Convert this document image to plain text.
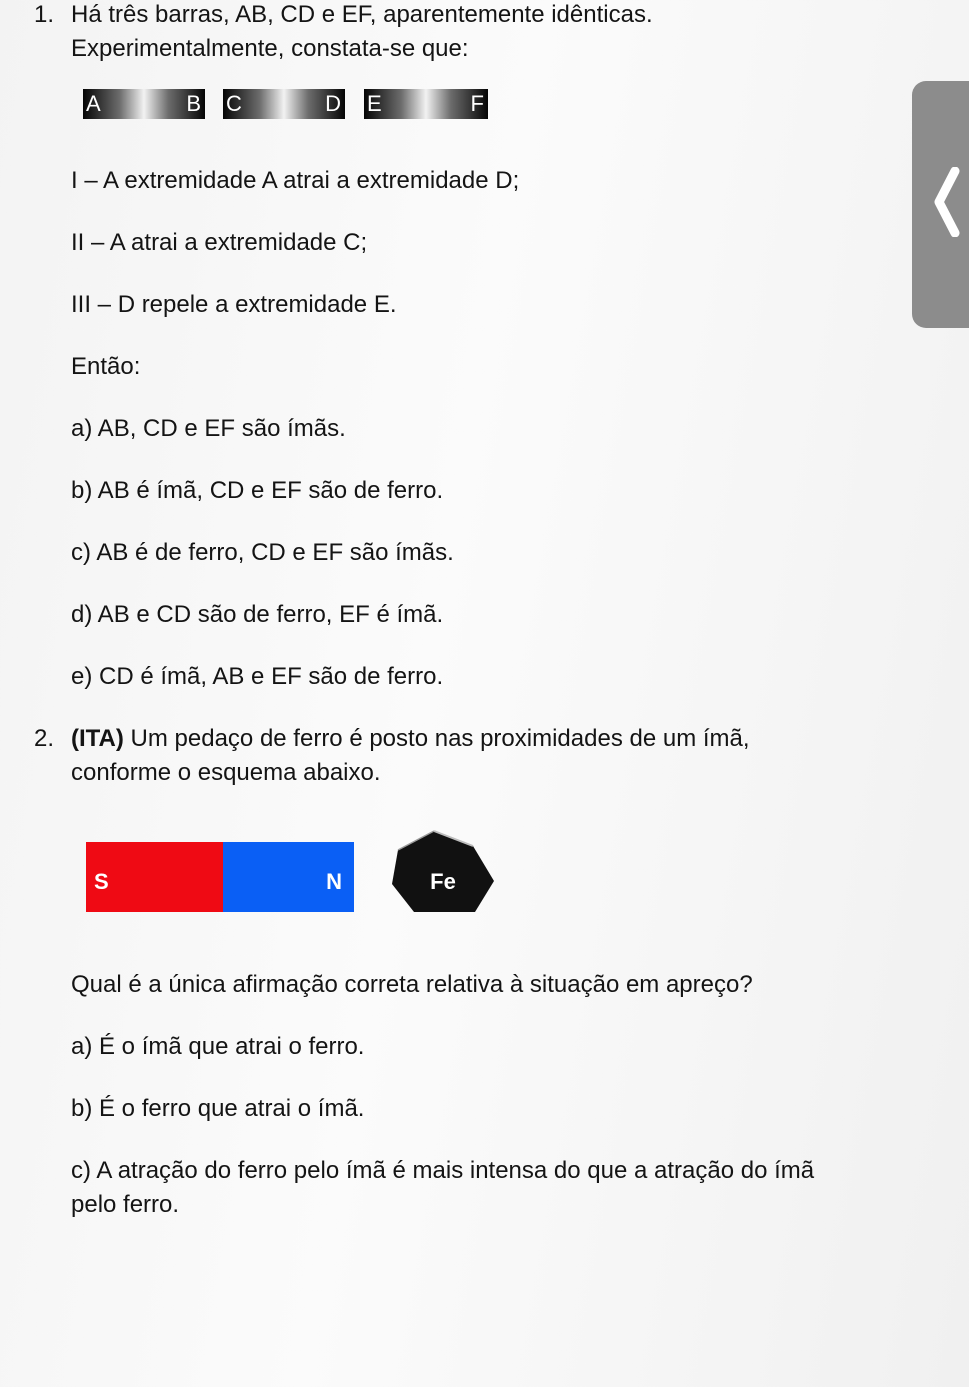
1. Há três barras, AB, CD e EF, aparentemente idênticas.
Experimentalmente, constata-se que:
A	B C	D E	F
I – A extremidade A atrai a extremidade D;
II – A atrai a extremidade C;
III – D repele a extremidade E.
Então:
a) AB, CD e EF são ímãs.
b) AB é ímã, CD e EF são de ferro.
c) AB é de ferro, CD e EF são ímãs.
d) AB e CD são de ferro, EF é ímã.
e) CD é ímã, AB e EF são de ferro.
2. (ITA) Um pedaço de ferro é posto nas proximidades de um ímã,
conforme o esquema abaixo.
S	N	Fe
Qual é a única afirmação correta relativa à situação em apreço?
a) É o ímã que atrai o ferro.
b) É o ferro que atrai o ímã.
c) A atração do ferro pelo ímã é mais intensa do que a atração do ímã
pelo ferro.
